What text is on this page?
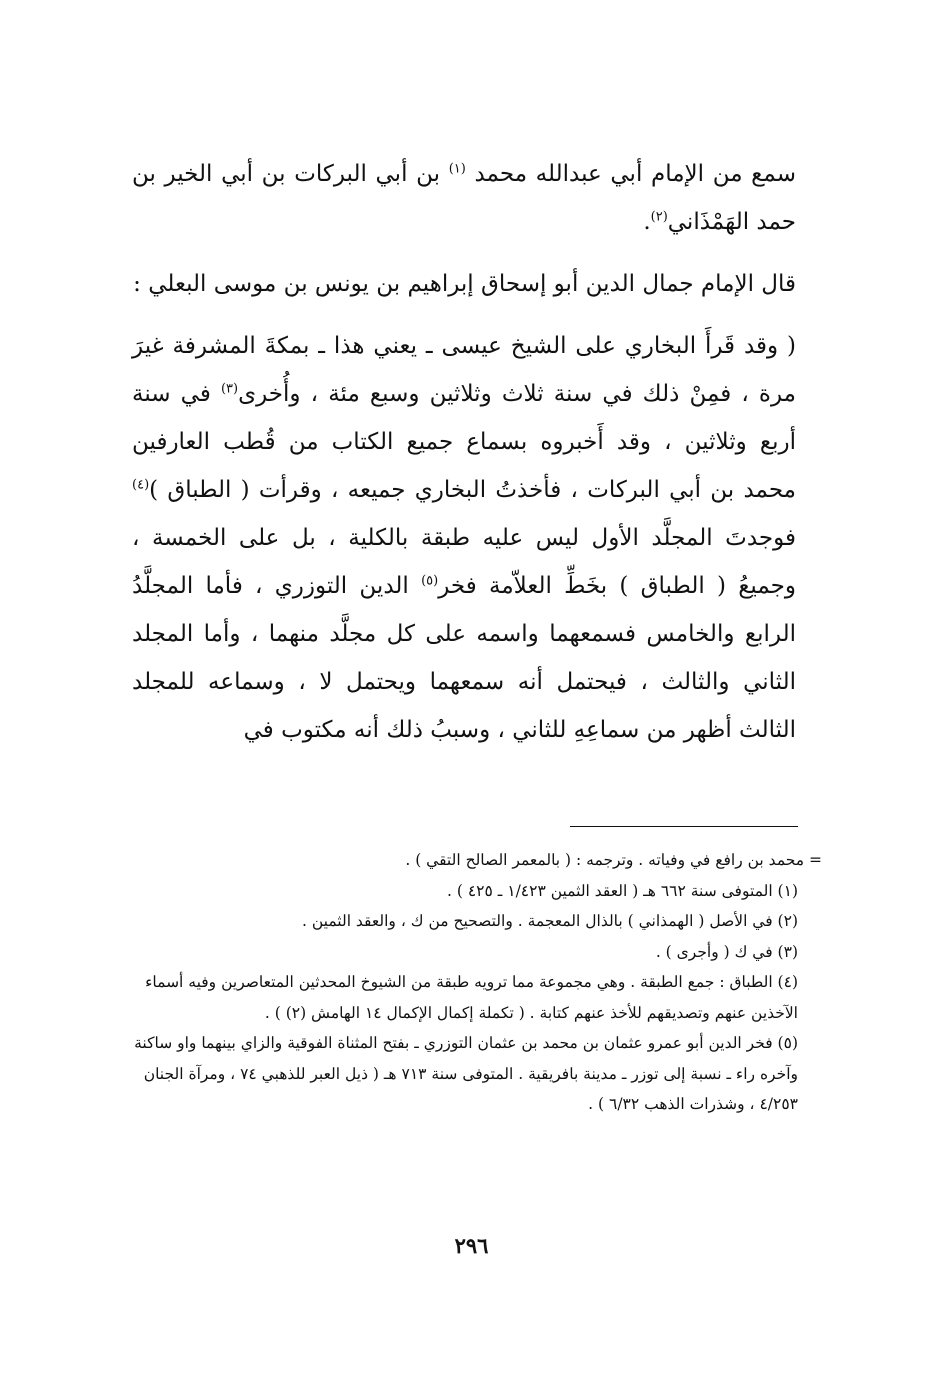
سمع من الإمام أبي عبدالله محمد $^{(١)}$ بن أبي البركات بن أبي الخير بن حمد الهَمْذَاني$^{(٢)}$.

قال الإمام جمال الدين أبو إسحاق إبراهيم بن يونس بن موسى البعلي :

( وقد قَرأَ البخاري على الشيخ عيسى ـ يعني هذا ـ بمكةَ المشرفة غيرَ مرة ، فمِنْ ذلك في سنة ثلاث وثلاثين وسبع مئة ، وأُخرى$^{(٣)}$ في سنة أربع وثلاثين ، وقد أَخبروه بسماع جميع الكتاب من قُطب العارفين محمد بن أبي البركات ، فأخذتُ البخاري جميعه ، وقرأت ( الطباق )$^{(٤)}$ فوجدتَ المجلَّد الأول ليس عليه طبقة بالكلية ، بل على الخمسة ، وجميعُ ( الطباق ) بخَطِّ العلاّمة فخر$^{(٥)}$ الدين التوزري ، فأما المجلَّدُ الرابع والخامس فسمعهما واسمه على كل مجلَّد منهما ، وأما المجلد الثاني والثالث ، فيحتمل أنه سمعهما ويحتمل لا ، وسماعه للمجلد الثالث أظهر من سماعِهِ للثاني ، وسببُ ذلك أنه مكتوب في

= محمد بن رافع في وفياته . وترجمه : ( بالمعمر الصالح التقي ) .

(١) المتوفى سنة ٦٦٢ هـ ( العقد الثمين ١/٤٢٣ ـ ٤٢٥ ) .

(٢) في الأصل ( الهمذاني ) بالذال المعجمة . والتصحيح من ك ، والعقد الثمين .

(٣) في ك ( وأجرى ) .

(٤) الطباق : جمع الطبقة . وهي مجموعة مما ترويه طبقة من الشيوخ المحدثين المتعاصرين وفيه أسماء الآخذين عنهم وتصديقهم للأخذ عنهم كتابة . ( تكملة إكمال الإكمال ١٤ الهامش (٢) ) .

(٥) فخر الدين أبو عمرو عثمان بن محمد بن عثمان التوزري ـ بفتح المثناة الفوقية والزاي بينهما واو ساكنة وآخره راء ـ نسبة إلى توزر ـ مدينة بافريقية . المتوفى سنة ٧١٣ هـ ( ذيل العبر للذهبي ٧٤ ، ومرآة الجنان ٤/٢٥٣ ، وشذرات الذهب ٦/٣٢ ) .

٢٩٦
